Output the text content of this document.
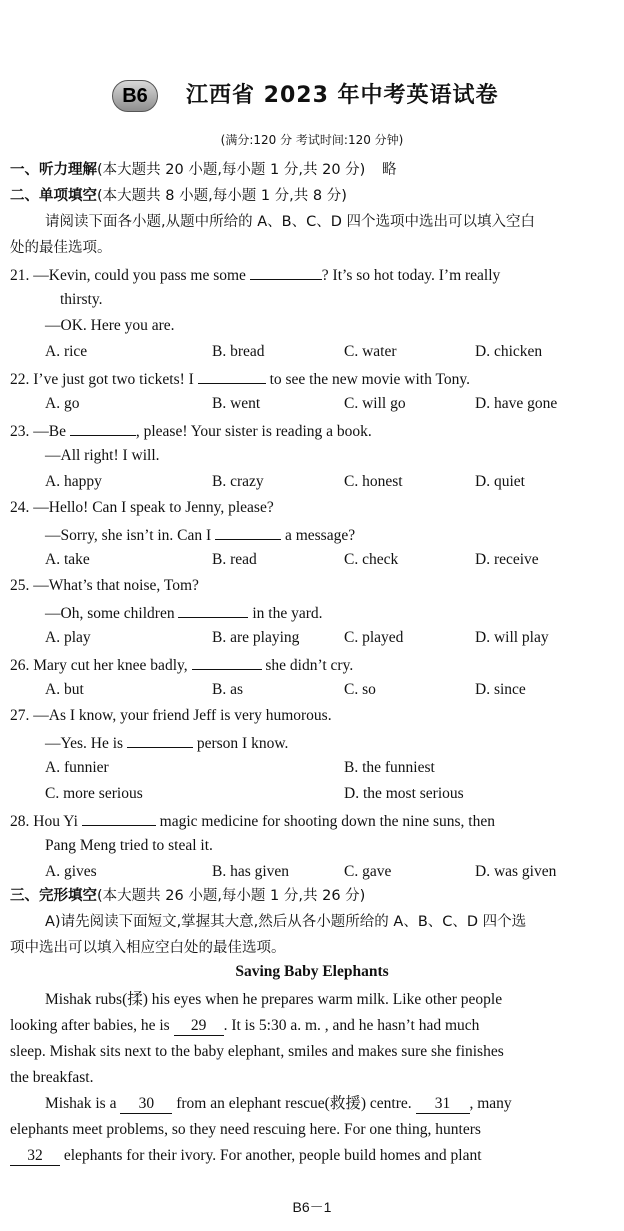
B6	江西省 2023 年中考英语试卷
(满分:120 分 考试时间:120 分钟)
一、听力理解(本大题共 20 小题,每小题 1 分,共 20 分) 略
二、单项填空(本大题共 8 小题,每小题 1 分,共 8 分)
请阅读下面各小题,从题中所给的 A、B、C、D 四个选项中选出可以填入空白
处的最佳选项。
21. —Kevin, could you pass me some	? It’s so hot today. I’m really
thirsty.
—OK. Here you are.
A. rice	B. bread	C. water	D. chicken
22. I’ve just got two tickets! I	to see the new movie with Tony.
A. go	B. went	C. will go	D. have gone
23. —Be	, please! Your sister is reading a book.
—All right! I will.
A. happy	B. crazy	C. honest	D. quiet
24. —Hello! Can I speak to Jenny, please?
—Sorry, she isn’t in. Can I	a message?
A. take	B. read	C. check	D. receive
25. —What’s that noise, Tom?
—Oh, some children	in the yard.
A. play	B. are playing	C. played	D. will play
26. Mary cut her knee badly,	she didn’t cry.
A. but	B. as	C. so	D. since
27. —As I know, your friend Jeff is very humorous.
—Yes. He is	person I know.
A. funnier	B. the funniest
C. more serious	D. the most serious
28. Hou Yi	magic medicine for shooting down the nine suns, then
Pang Meng tried to steal it.
A. gives	B. has given	C. gave	D. was given
三、完形填空(本大题共 26 小题,每小题 1 分,共 26 分)
A)请先阅读下面短文,掌握其大意,然后从各小题所给的 A、B、C、D 四个选
项中选出可以填入相应空白处的最佳选项。
Saving Baby Elephants
Mishak rubs(揉) his eyes when he prepares warm milk. Like other people
looking after babies, he is 29 . It is 5:30 a. m. , and he hasn’t had much
sleep. Mishak sits next to the baby elephant, smiles and makes sure she finishes
the breakfast.
Mishak is a 30 from an elephant rescue(救援) centre. 31 , many
elephants meet problems, so they need rescuing here. For one thing, hunters
32 elephants for their ivory. For another, people build homes and plant
B6－1
